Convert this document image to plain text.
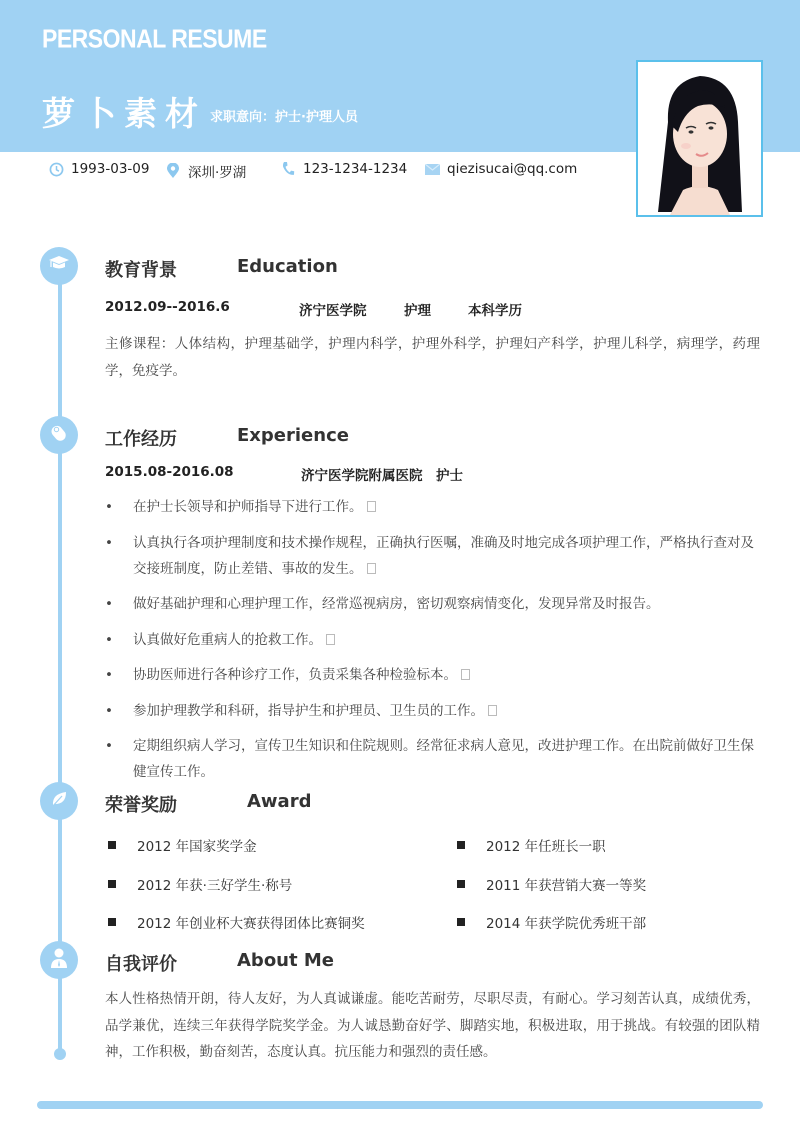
PERSONAL RESUME
萝卜素材 求职意向：护士·护理人员
1993-03-09	深圳·罗湖	123-1234-1234	qiezisucai@qq.com
教育背景	Education
2012.09--2016.6	济宁医学院	护理	本科学历
主修课程：人体结构，护理基础学，护理内科学，护理外科学，护理妇产科学，护理儿科学，病理学，药理学，免疫学。
工作经历	Experience
2015.08-2016.08	济宁医学院附属医院　护士
• 在护士长领导和护师指导下进行工作。
• 认真执行各项护理制度和技术操作规程，正确执行医嘱，准确及时地完成各项护理工作，严格执行查对及交接班制度，防止差错、事故的发生。
• 做好基础护理和心理护理工作，经常巡视病房，密切观察病情变化，发现异常及时报告。
• 认真做好危重病人的抢救工作。
• 协助医师进行各种诊疗工作，负责采集各种检验标本。
• 参加护理教学和科研，指导护生和护理员、卫生员的工作。
• 定期组织病人学习，宣传卫生知识和住院规则。经常征求病人意见，改进护理工作。在出院前做好卫生保健宣传工作。
荣誉奖励	Award
2012 年国家奖学金	2012 年任班长一职
2012 年获·三好学生·称号	2011 年获营销大赛一等奖
2012 年创业杯大赛获得团体比赛铜奖	2014 年获学院优秀班干部
自我评价	About Me
本人性格热情开朗，待人友好，为人真诚谦虚。能吃苦耐劳，尽职尽责，有耐心。学习刻苦认真，成绩优秀，品学兼优，连续三年获得学院奖学金。为人诚恳勤奋好学、脚踏实地，积极进取，用于挑战。有较强的团队精神，工作积极，勤奋刻苦，态度认真。抗压能力和强烈的责任感。
